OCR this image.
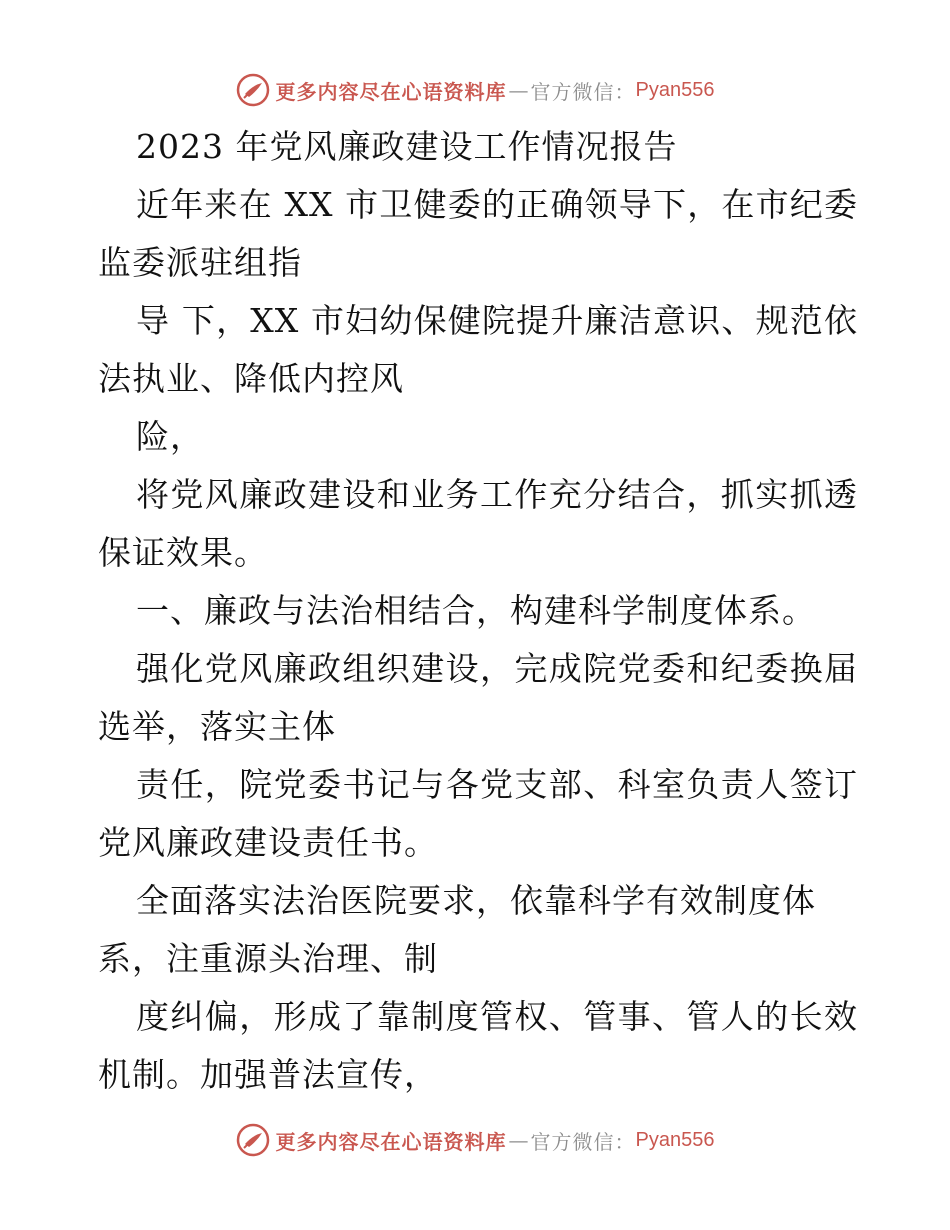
更多内容尽在心语资料库 — 官方微信： Pyan556
2023 年党风廉政建设工作情况报告
近年来在 XX 市卫健委的正确领导下，在市纪委
监委派驻组指
导 下，XX 市妇幼保健院提升廉洁意识、规范依
法执业、降低内控风
险，
将党风廉政建设和业务工作充分结合，抓实抓透
保证效果。
一、廉政与法治相结合，构建科学制度体系。
强化党风廉政组织建设，完成院党委和纪委换届
选举，落实主体
责任，院党委书记与各党支部、科室负责人签订
党风廉政建设责任书。
全面落实法治医院要求，依靠科学有效制度体
系，注重源头治理、制
度纠偏，形成了靠制度管权、管事、管人的长效
机制。加强普法宣传，
更多内容尽在心语资料库 — 官方微信： Pyan556
